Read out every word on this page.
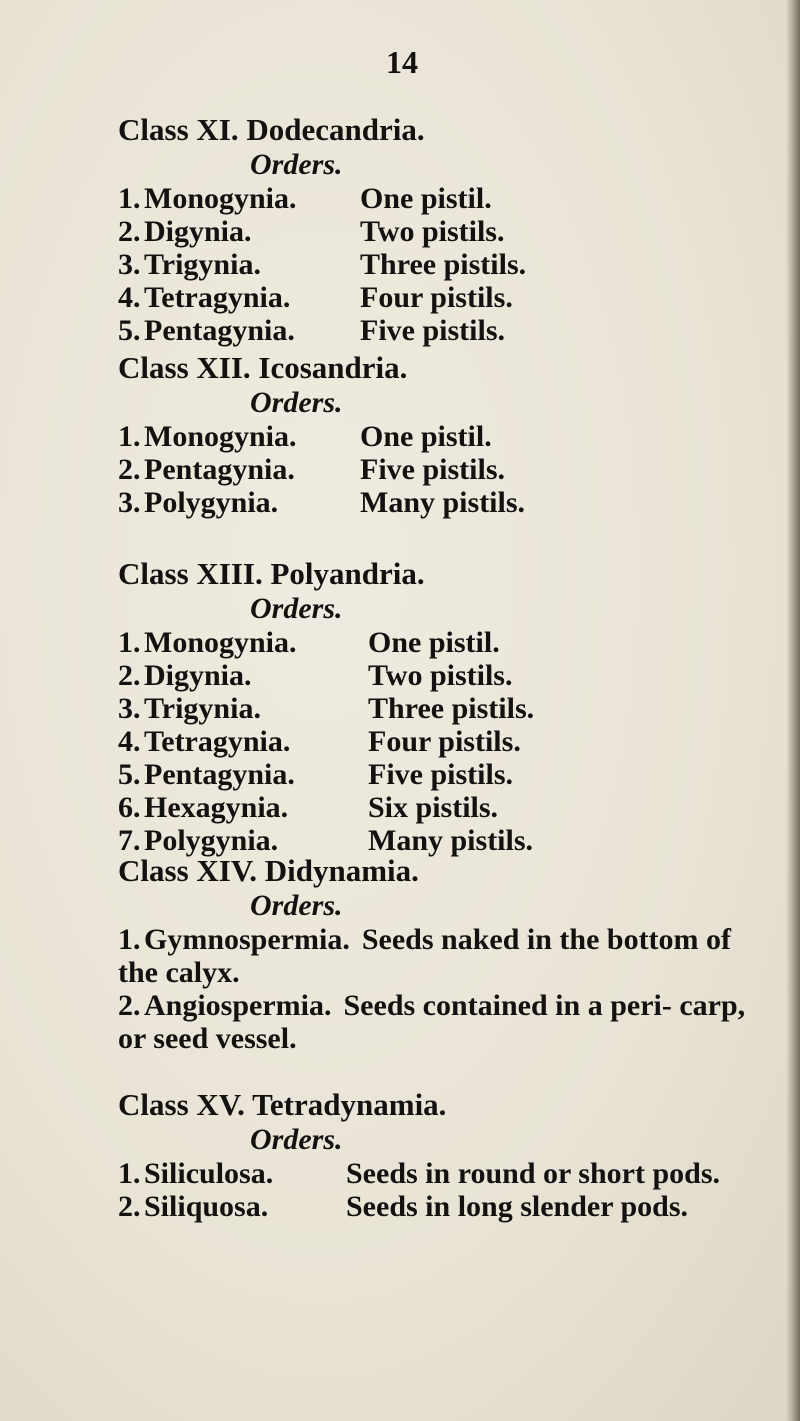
14
Class XI. Dodecandria.
Orders.
1. Monogynia. One pistil.
2. Digynia.	Two pistils.
3. Trigynia.	Three pistils.
4. Tetragynia. Four pistils.
5. Pentagynia. Five pistils.
Class XII. Icosandria.
Orders.
1. Monogynia. One pistil.
2. Pentagynia. Five pistils.
3. Polygynia.	Many pistils.
Class XIII. Polyandria.
Orders.
1. Monogynia. One pistil.
2. Digynia.	Two pistils.
3. Trigynia.	Three pistils.
4. Tetragynia.	Four pistils.
5. Pentagynia. Five pistils.
6. Hexagynia.	Six pistils.
7. Polygynia.	Many pistils.
Class XIV. Didynamia.
Orders.
1. Gymnospermia. Seeds naked in the bottom of the calyx.
2. Angiospermia. Seeds contained in a peri- carp, or seed vessel.
Class XV. Tetradynamia.
Orders.
1. Siliculosa. Seeds in round or short pods.
2. Siliquosa.	Seeds in long slender pods.
